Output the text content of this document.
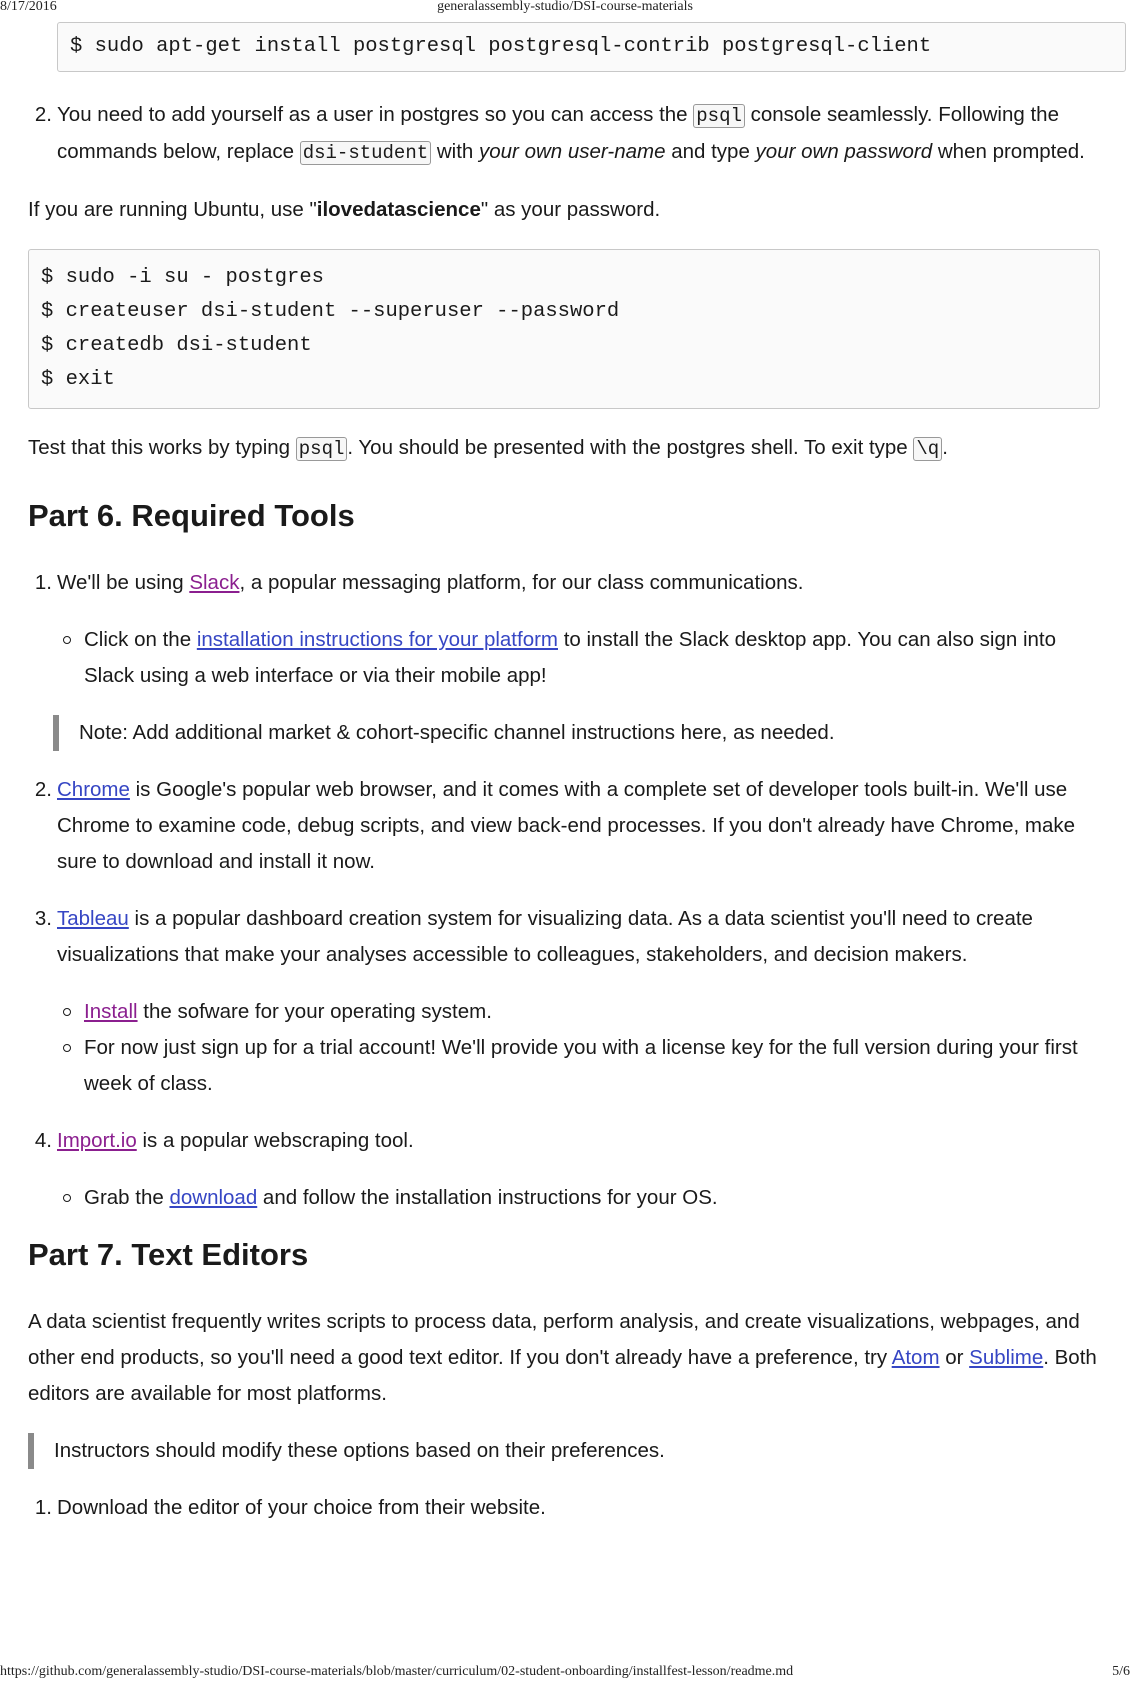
8/17/2016	generalassembly-studio/DSI-course-materials
$ sudo apt-get install postgresql postgresql-contrib postgresql-client
2. You need to add yourself as a user in postgres so you can access the psql console seamlessly. Following the commands below, replace dsi-student with your own user-name and type your own password when prompted.

If you are running Ubuntu, use "ilovedatascience" as your password.

$ sudo -i su - postgres
$ createuser dsi-student --superuser --password
$ createdb dsi-student
$ exit

Test that this works by typing psql . You should be presented with the postgres shell. To exit type \q .

Part 6. Required Tools
1. We'll be using Slack, a popular messaging platform, for our class communications.
Click on the installation instructions for your platform to install the Slack desktop app. You can also sign into Slack using a web interface or via their mobile app!
Note: Add additional market & cohort-specific channel instructions here, as needed.
2. Chrome is Google's popular web browser, and it comes with a complete set of developer tools built-in. We'll use Chrome to examine code, debug scripts, and view back-end processes. If you don't already have Chrome, make sure to download and install it now.
3. Tableau is a popular dashboard creation system for visualizing data. As a data scientist you'll need to create visualizations that make your analyses accessible to colleagues, stakeholders, and decision makers.
Install the sofware for your operating system.
For now just sign up for a trial account! We'll provide you with a license key for the full version during your first week of class.
4. Import.io is a popular webscraping tool.
Grab the download and follow the installation instructions for your OS.
Part 7. Text Editors

A data scientist frequently writes scripts to process data, perform analysis, and create visualizations, webpages, and other end products, so you'll need a good text editor. If you don't already have a preference, try Atom or Sublime. Both editors are available for most platforms.

Instructors should modify these options based on their preferences.
1. Download the editor of your choice from their website.
https://github.com/generalassembly-studio/DSI-course-materials/blob/master/curriculum/02-student-onboarding/installfest-lesson/readme.md	5/6
